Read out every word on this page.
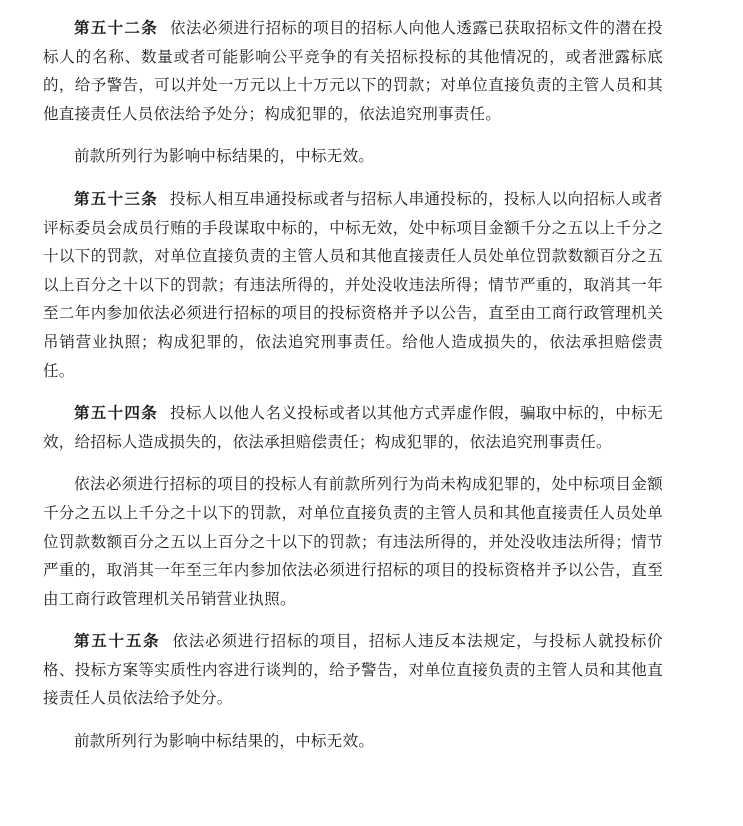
第五十二条 依法必须进行招标的项目的招标人向他人透露已获取招标文件的潜在投标人的名称、数量或者可能影响公平竞争的有关招标投标的其他情况的，或者泄露标底的，给予警告，可以并处一万元以上十万元以下的罚款；对单位直接负责的主管人员和其他直接责任人员依法给予处分；构成犯罪的，依法追究刑事责任。

前款所列行为影响中标结果的，中标无效。

第五十三条 投标人相互串通投标或者与招标人串通投标的，投标人以向招标人或者评标委员会成员行贿的手段谋取中标的，中标无效，处中标项目金额千分之五以上千分之十以下的罚款，对单位直接负责的主管人员和其他直接责任人员处单位罚款数额百分之五以上百分之十以下的罚款；有违法所得的，并处没收违法所得；情节严重的，取消其一年至二年内参加依法必须进行招标的项目的投标资格并予以公告，直至由工商行政管理机关吊销营业执照；构成犯罪的，依法追究刑事责任。给他人造成损失的，依法承担赔偿责任。

第五十四条 投标人以他人名义投标或者以其他方式弄虚作假，骗取中标的，中标无效，给招标人造成损失的，依法承担赔偿责任；构成犯罪的，依法追究刑事责任。

依法必须进行招标的项目的投标人有前款所列行为尚未构成犯罪的，处中标项目金额千分之五以上千分之十以下的罚款，对单位直接负责的主管人员和其他直接责任人员处单位罚款数额百分之五以上百分之十以下的罚款；有违法所得的，并处没收违法所得；情节严重的，取消其一年至三年内参加依法必须进行招标的项目的投标资格并予以公告，直至由工商行政管理机关吊销营业执照。

第五十五条 依法必须进行招标的项目，招标人违反本法规定，与投标人就投标价格、投标方案等实质性内容进行谈判的，给予警告，对单位直接负责的主管人员和其他直接责任人员依法给予处分。

前款所列行为影响中标结果的，中标无效。
